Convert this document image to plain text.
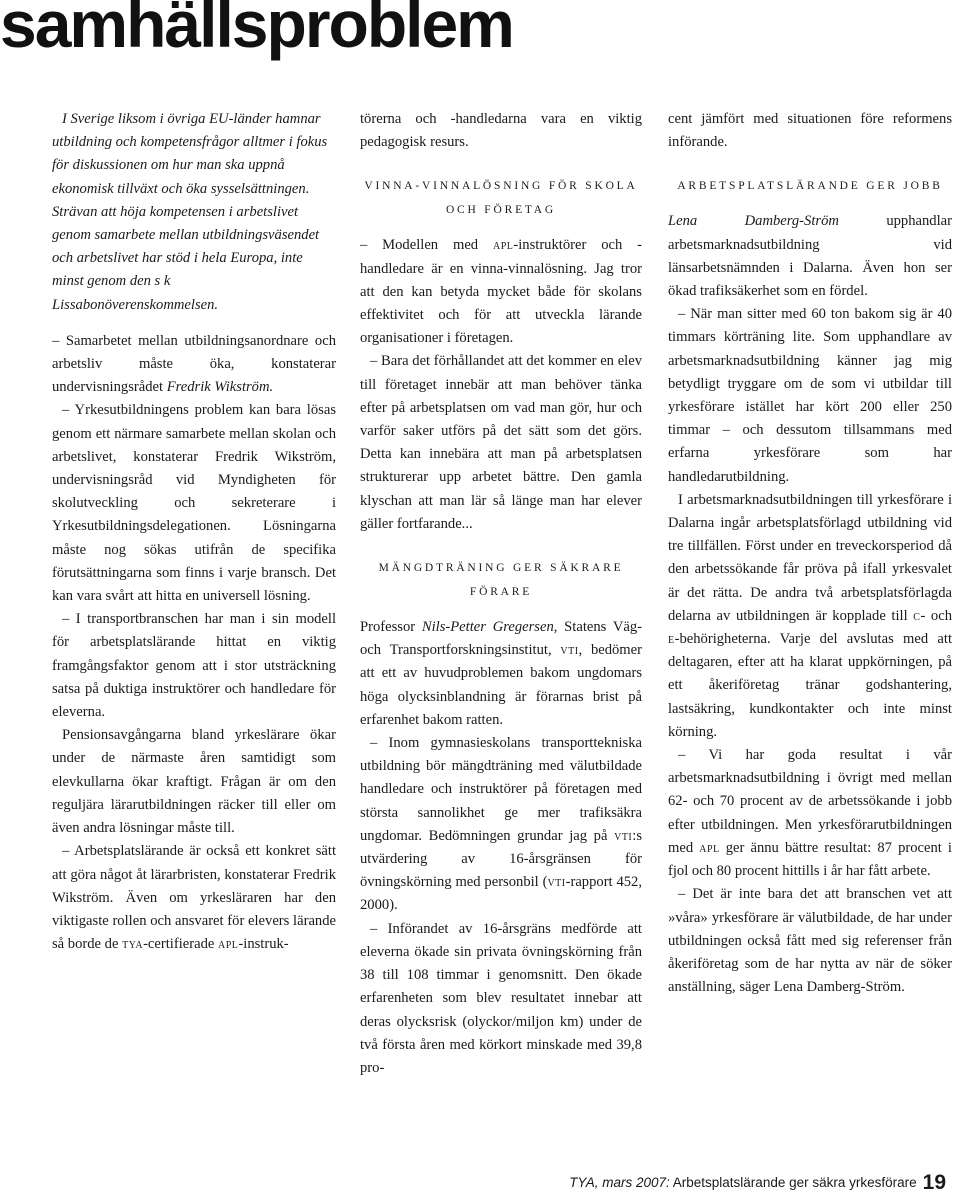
samhällsproblem

I Sverige liksom i övriga EU-länder hamnar utbildning och kompetensfrågor alltmer i fokus för diskussionen om hur man ska uppnå ekonomisk tillväxt och öka sysselsättningen. Strävan att höja kompetensen i arbetslivet genom samarbete mellan utbildningsväsendet och arbetslivet har stöd i hela Europa, inte minst genom den s k Lissabonöverenskommelsen.

– Samarbetet mellan utbildningsanordnare och arbetsliv måste öka, konstaterar undervisningsrådet Fredrik Wikström.

– Yrkesutbildningens problem kan bara lösas genom ett närmare samarbete mellan skolan och arbetslivet, konstaterar Fredrik Wikström, undervisningsråd vid Myndigheten för skolutveckling och sekreterare i Yrkesutbildningsdelegationen. Lösningarna måste nog sökas utifrån de specifika förutsättningarna som finns i varje bransch. Det kan vara svårt att hitta en universell lösning.

– I transportbranschen har man i sin modell för arbetsplatslärande hittat en viktig framgångsfaktor genom att i stor utsträckning satsa på duktiga instruktörer och handledare för eleverna.

Pensionsavgångarna bland yrkeslärare ökar under de närmaste åren samtidigt som elevkullarna ökar kraftigt. Frågan är om den reguljära lärarutbildningen räcker till eller om även andra lösningar måste till.

– Arbetsplatslärande är också ett konkret sätt att göra något åt lärarbristen, konstaterar Fredrik Wikström. Även om yrkesläraren har den viktigaste rollen och ansvaret för elevers lärande så borde de tya-certifierade apl-instruk-

törerna och -handledarna vara en viktig pedagogisk resurs.

VINNA-VINNALÖSNING FÖR SKOLA OCH FÖRETAG

– Modellen med apl-instruktörer och -handledare är en vinna-vinnalösning. Jag tror att den kan betyda mycket både för skolans effektivitet och för att utveckla lärande organisationer i företagen.

– Bara det förhållandet att det kommer en elev till företaget innebär att man behöver tänka efter på arbetsplatsen om vad man gör, hur och varför saker utförs på det sätt som det görs. Detta kan innebära att man på arbetsplatsen strukturerar upp arbetet bättre. Den gamla klyschan att man lär så länge man har elever gäller fortfarande...

MÄNGDTRÄNING GER SÄKRARE FÖRARE

Professor Nils-Petter Gregersen, Statens Väg- och Transportforskningsinstitut, vti, bedömer att ett av huvudproblemen bakom ungdomars höga olycksinblandning är förarnas brist på erfarenhet bakom ratten.

– Inom gymnasieskolans transporttekniska utbildning bör mängdträning med välutbildade handledare och instruktörer på företagen med största sannolikhet ge mer trafiksäkra ungdomar. Bedömningen grundar jag på vti:s utvärdering av 16-årsgränsen för övningskörning med personbil (vti-rapport 452, 2000).

– Införandet av 16-årsgräns medförde att eleverna ökade sin privata övningskörning från 38 till 108 timmar i genomsnitt. Den ökade erfarenheten som blev resultatet innebar att deras olycksrisk (olyckor/miljon km) under de två första åren med körkort minskade med 39,8 pro-

cent jämfört med situationen före reformens införande.

ARBETSPLATSLÄRANDE GER JOBB

Lena Damberg-Ström upphandlar arbetsmarknadsutbildning vid länsarbetsnämnden i Dalarna. Även hon ser ökad trafiksäkerhet som en fördel.

– När man sitter med 60 ton bakom sig är 40 timmars körträning lite. Som upphandlare av arbetsmarknadsutbildning känner jag mig betydligt tryggare om de som vi utbildar till yrkesförare istället har kört 200 eller 250 timmar – och dessutom tillsammans med erfarna yrkesförare som har handledarutbildning.

I arbetsmarknadsutbildningen till yrkesförare i Dalarna ingår arbetsplatsförlagd utbildning vid tre tillfällen. Först under en treveckorsperiod då den arbetssökande får pröva på ifall yrkesvalet är det rätta. De andra två arbetsplatsförlagda delarna av utbildningen är kopplade till c- och e-behörigheterna. Varje del avslutas med att deltagaren, efter att ha klarat uppkörningen, på ett åkeriföretag tränar godshantering, lastsäkring, kundkontakter och inte minst körning.

– Vi har goda resultat i vår arbetsmarknadsutbildning i övrigt med mellan 62- och 70 procent av de arbetssökande i jobb efter utbildningen. Men yrkesförarutbildningen med apl ger ännu bättre resultat: 87 procent i fjol och 80 procent hittills i år har fått arbete.

– Det är inte bara det att branschen vet att »våra» yrkesförare är välutbildade, de har under utbildningen också fått med sig referenser från åkeriföretag som de har nytta av när de söker anställning, säger Lena Damberg-Ström.

TYA, mars 2007: Arbetsplatslärande ger säkra yrkesförare 19
